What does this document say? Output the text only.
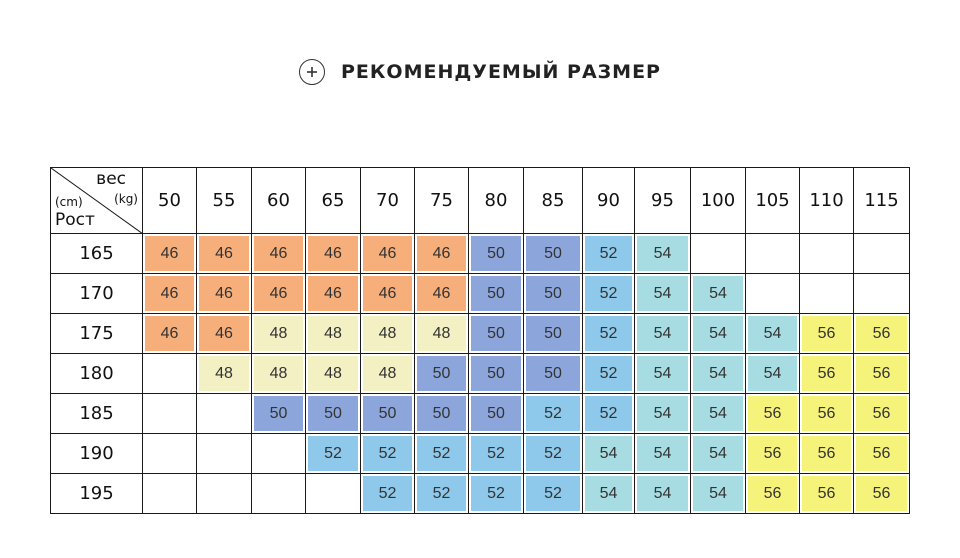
РЕКОМЕНДУЕМЫЙ РАЗМЕР
вес
(kg)
(cm)
Рост	50	55	60	65	70	75	80	85	90	95	100	105	110	115
165	46	46	46	46	46	46	50	50	52	54				

170	46	46	46	46	46	46	50	50	52	54	54			

175	46	46	48	48	48	48	50	50	52	54	54	54	56	56

180		48	48	48	48	50	50	50	52	54	54	54	56	56

185			50	50	50	50	50	52	52	54	54	56	56	56

190				52	52	52	52	52	54	54	54	56	56	56

195					52	52	52	52	54	54	54	56	56	56
